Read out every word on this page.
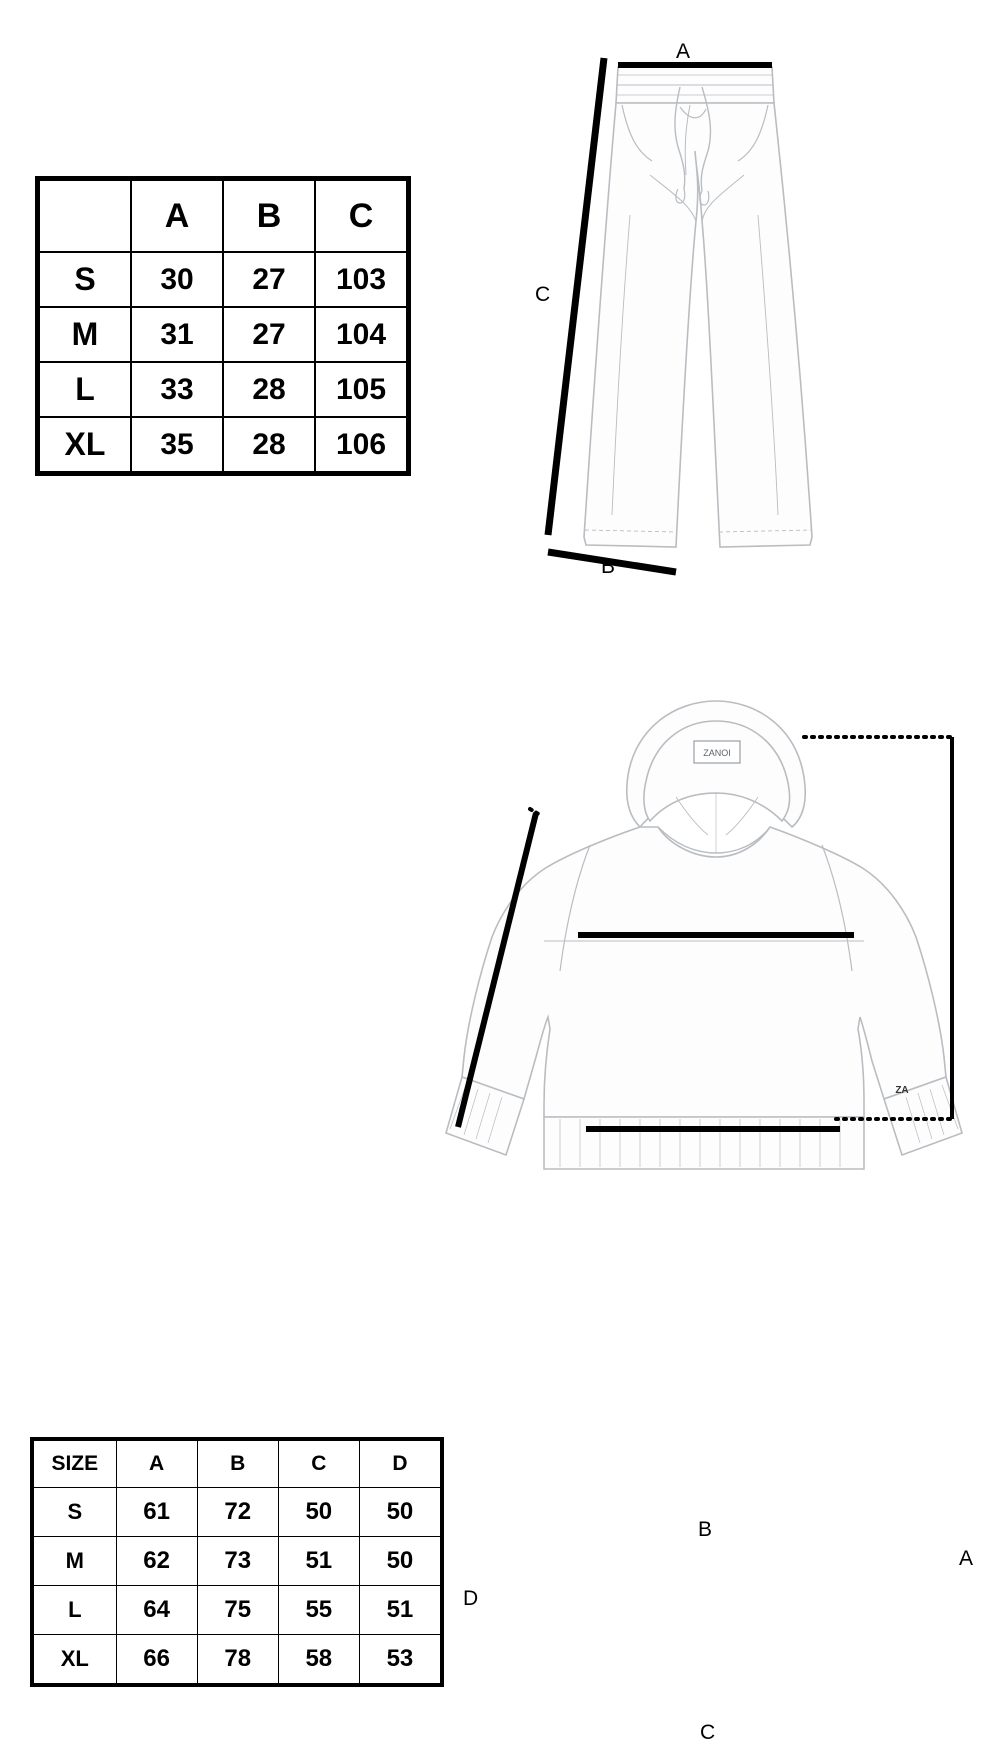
	A	B	C
S	30	27	103
M	31	27	104
L	33	28	105
XL	35	28	106
A
B
C
SIZE	A	B	C	D
S	61	72	50	50
M	62	73	51	50
L	64	75	55	51
XL	66	78	58	53
ZANOI
ZA
A
B
C
D
